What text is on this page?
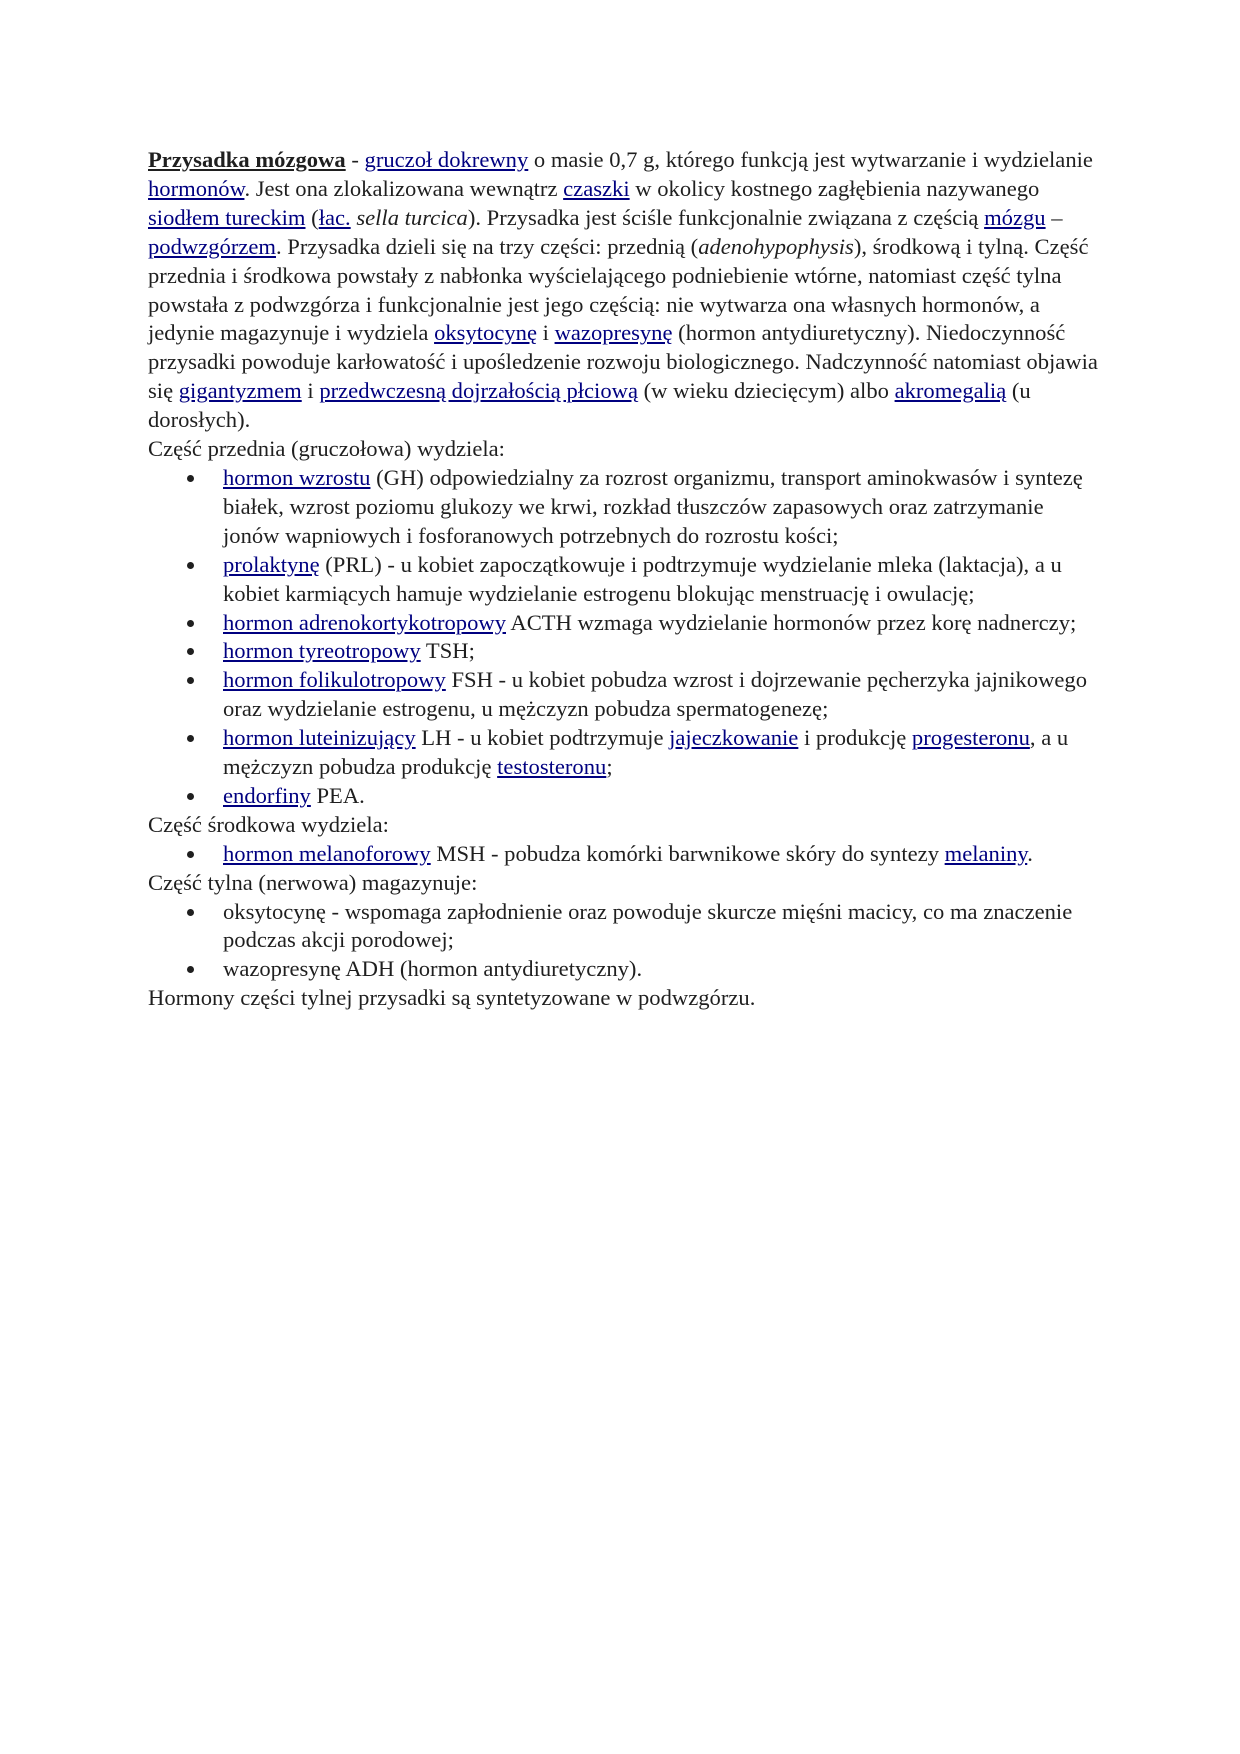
Przysadka mózgowa - gruczoł dokrewny o masie 0,7 g, którego funkcją jest wytwarzanie i wydzielanie hormonów. Jest ona zlokalizowana wewnątrz czaszki w okolicy kostnego zagłębienia nazywanego siodłem tureckim (łac. sella turcica). Przysadka jest ściśle funkcjonalnie związana z częścią mózgu – podwzgórzem. Przysadka dzieli się na trzy części: przednią (adenohypophysis), środkową i tylną. Część przednia i środkowa powstały z nabłonka wyścielającego podniebienie wtórne, natomiast część tylna powstała z podwzgórza i funkcjonalnie jest jego częścią: nie wytwarza ona własnych hormonów, a jedynie magazynuje i wydziela oksytocynę i wazopresynę (hormon antydiuretyczny). Niedoczynność przysadki powoduje karłowatość i upośledzenie rozwoju biologicznego. Nadczynność natomiast objawia się gigantyzmem i przedwczesną dojrzałością płciową (w wieku dziecięcym) albo akromegalią (u dorosłych).

Część przednia (gruczołowa) wydziela:

hormon wzrostu (GH) odpowiedzialny za rozrost organizmu, transport aminokwasów i syntezę białek, wzrost poziomu glukozy we krwi, rozkład tłuszczów zapasowych oraz zatrzymanie jonów wapniowych i fosforanowych potrzebnych do rozrostu kości;
prolaktynę (PRL) - u kobiet zapoczątkowuje i podtrzymuje wydzielanie mleka (laktacja), a u kobiet karmiących hamuje wydzielanie estrogenu blokując menstruację i owulację;
hormon adrenokortykotropowy ACTH wzmaga wydzielanie hormonów przez korę nadnerczy;
hormon tyreotropowy TSH;
hormon folikulotropowy FSH - u kobiet pobudza wzrost i dojrzewanie pęcherzyka jajnikowego oraz wydzielanie estrogenu, u mężczyzn pobudza spermatogenezę;
hormon luteinizujący LH - u kobiet podtrzymuje jajeczkowanie i produkcję progesteronu, a u mężczyzn pobudza produkcję testosteronu;
endorfiny PEA.

Część środkowa wydziela:

hormon melanoforowy MSH - pobudza komórki barwnikowe skóry do syntezy melaniny.

Część tylna (nerwowa) magazynuje:

oksytocynę - wspomaga zapłodnienie oraz powoduje skurcze mięśni macicy, co ma znaczenie podczas akcji porodowej;
wazopresynę ADH (hormon antydiuretyczny).

Hormony części tylnej przysadki są syntetyzowane w podwzgórzu.
